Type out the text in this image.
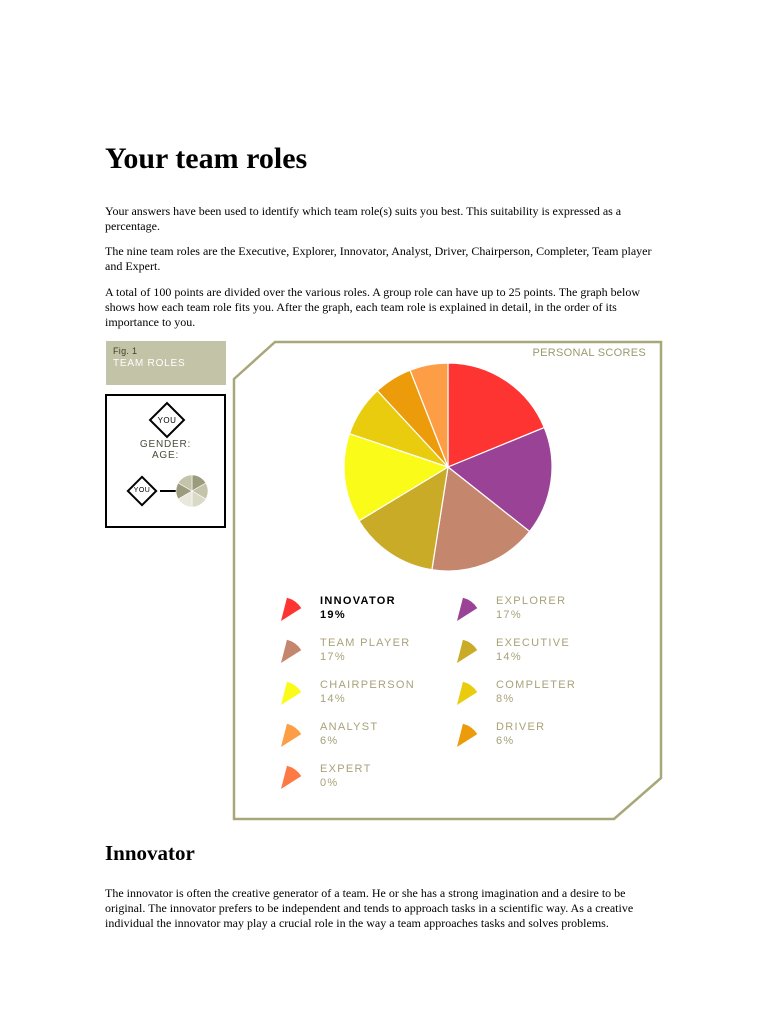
Your team roles

Your answers have been used to identify which team role(s) suits you best. This suitability is expressed as a percentage.

The nine team roles are the Executive, Explorer, Innovator, Analyst, Driver, Chairperson, Completer, Team player and Expert.

A total of 100 points are divided over the various roles. A group role can have up to 25 points. The graph below shows how each team role fits you. After the graph, each team role is explained in detail, in the order of its importance to you.

Fig. 1
TEAM ROLES
YOU
GENDER:
AGE:
YOU
PERSONAL SCORES
INNOVATOR
19%
EXPLORER
17%
TEAM PLAYER
17%
EXECUTIVE
14%
CHAIRPERSON
14%
COMPLETER
8%
ANALYST
6%
DRIVER
6%
EXPERT
0%
Innovator

The innovator is often the creative generator of a team. He or she has a strong imagination and a desire to be original. The innovator prefers to be independent and tends to approach tasks in a scientific way. As a creative individual the innovator may play a crucial role in the way a team approaches tasks and solves problems.
